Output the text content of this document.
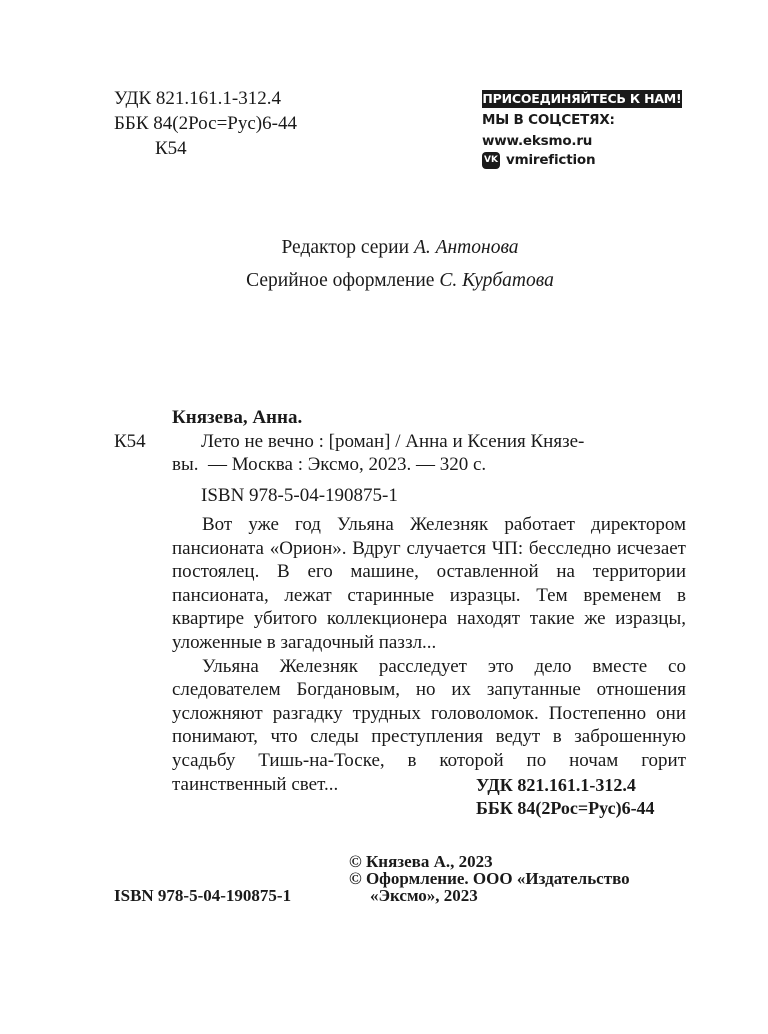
УДК 821.161.1-312.4
ББК 84(2Рос=Рус)6-44
К54
ПРИСОЕДИНЯЙТЕСЬ К НАМ!
МЫ В СОЦСЕТЯХ:
www.eksmo.ru
VK vmirefiction
Редактор серии А. Антонова
Серийное оформление С. Курбатова
Князева, Анна.
К54	Лето не вечно : [роман] / Анна и Ксения Князе-
вы.  — Москва : Эксмо, 2023. — 320 с.
ISBN 978-5-04-190875-1

Вот уже год Ульяна Железняк работает директором пансионата «Орион». Вдруг случается ЧП: бесследно исчезает постоялец. В его машине, оставленной на территории пансионата, лежат старинные изразцы. Тем временем в квартире убитого коллекционера находят такие же изразцы, уложенные в загадочный паззл...

Ульяна Железняк расследует это дело вместе со следователем Богдановым, но их запутанные отношения усложняют разгадку трудных головоломок. Постепенно они понимают, что следы преступления ведут в заброшенную усадьбу Тишь-на-Тоске, в которой по ночам горит таинственный свет...	УДК 821.161.1-312.4
ББК 84(2Рос=Рус)6-44
© Князева А., 2023
© Оформление. ООО «Издательство
«Эксмо», 2023
ISBN 978-5-04-190875-1
